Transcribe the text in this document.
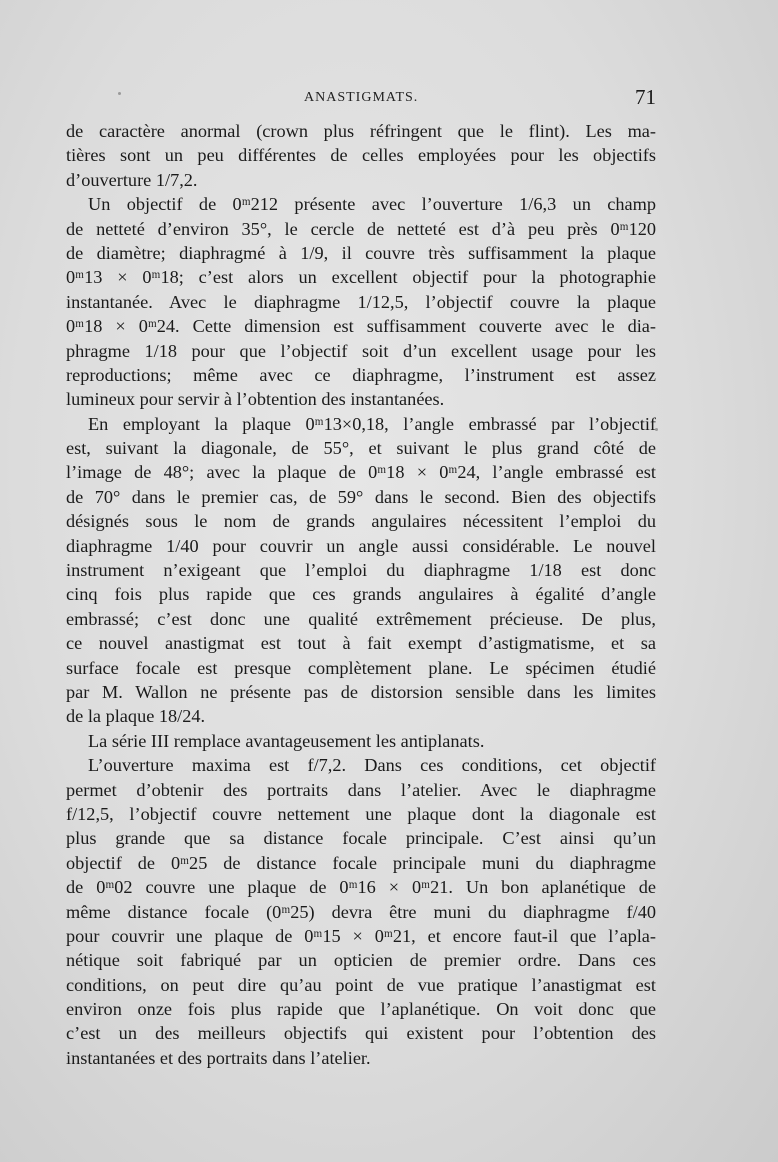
ANASTIGMATS.	71
de caractère anormal (crown plus réfringent que le flint). Les ma-
tières sont un peu différentes de celles employées pour les objectifs
d’ouverture 1/7,2.
Un objectif de 0ᵐ212 présente avec l’ouverture 1/6,3 un champ
de netteté d’environ 35°, le cercle de netteté est d’à peu près 0ᵐ120
de diamètre; diaphragmé à 1/9, il couvre très suffisamment la plaque
0ᵐ13 × 0ᵐ18; c’est alors un excellent objectif pour la photographie
instantanée. Avec le diaphragme 1/12,5, l’objectif couvre la plaque
0ᵐ18 × 0ᵐ24. Cette dimension est suffisamment couverte avec le dia-
phragme 1/18 pour que l’objectif soit d’un excellent usage pour les
reproductions; même avec ce diaphragme, l’instrument est assez
lumineux pour servir à l’obtention des instantanées.
En employant la plaque 0ᵐ13×0,18, l’angle embrassé par l’objectif
est, suivant la diagonale, de 55°, et suivant le plus grand côté de
l’image de 48°; avec la plaque de 0ᵐ18 × 0ᵐ24, l’angle embrassé est
de 70° dans le premier cas, de 59° dans le second. Bien des objectifs
désignés sous le nom de grands angulaires nécessitent l’emploi du
diaphragme 1/40 pour couvrir un angle aussi considérable. Le nouvel
instrument n’exigeant que l’emploi du diaphragme 1/18 est donc
cinq fois plus rapide que ces grands angulaires à égalité d’angle
embrassé; c’est donc une qualité extrêmement précieuse. De plus,
ce nouvel anastigmat est tout à fait exempt d’astigmatisme, et sa
surface focale est presque complètement plane. Le spécimen étudié
par M. Wallon ne présente pas de distorsion sensible dans les limites
de la plaque 18/24.
La série III remplace avantageusement les antiplanats.
L’ouverture maxima est f/7,2. Dans ces conditions, cet objectif
permet d’obtenir des portraits dans l’atelier. Avec le diaphragme
f/12,5, l’objectif couvre nettement une plaque dont la diagonale est
plus grande que sa distance focale principale. C’est ainsi qu’un
objectif de 0ᵐ25 de distance focale principale muni du diaphragme
de 0ᵐ02 couvre une plaque de 0ᵐ16 × 0ᵐ21. Un bon aplanétique de
même distance focale (0ᵐ25) devra être muni du diaphragme f/40
pour couvrir une plaque de 0ᵐ15 × 0ᵐ21, et encore faut-il que l’apla-
nétique soit fabriqué par un opticien de premier ordre. Dans ces
conditions, on peut dire qu’au point de vue pratique l’anastigmat est
environ onze fois plus rapide que l’aplanétique. On voit donc que
c’est un des meilleurs objectifs qui existent pour l’obtention des
instantanées et des portraits dans l’atelier.
